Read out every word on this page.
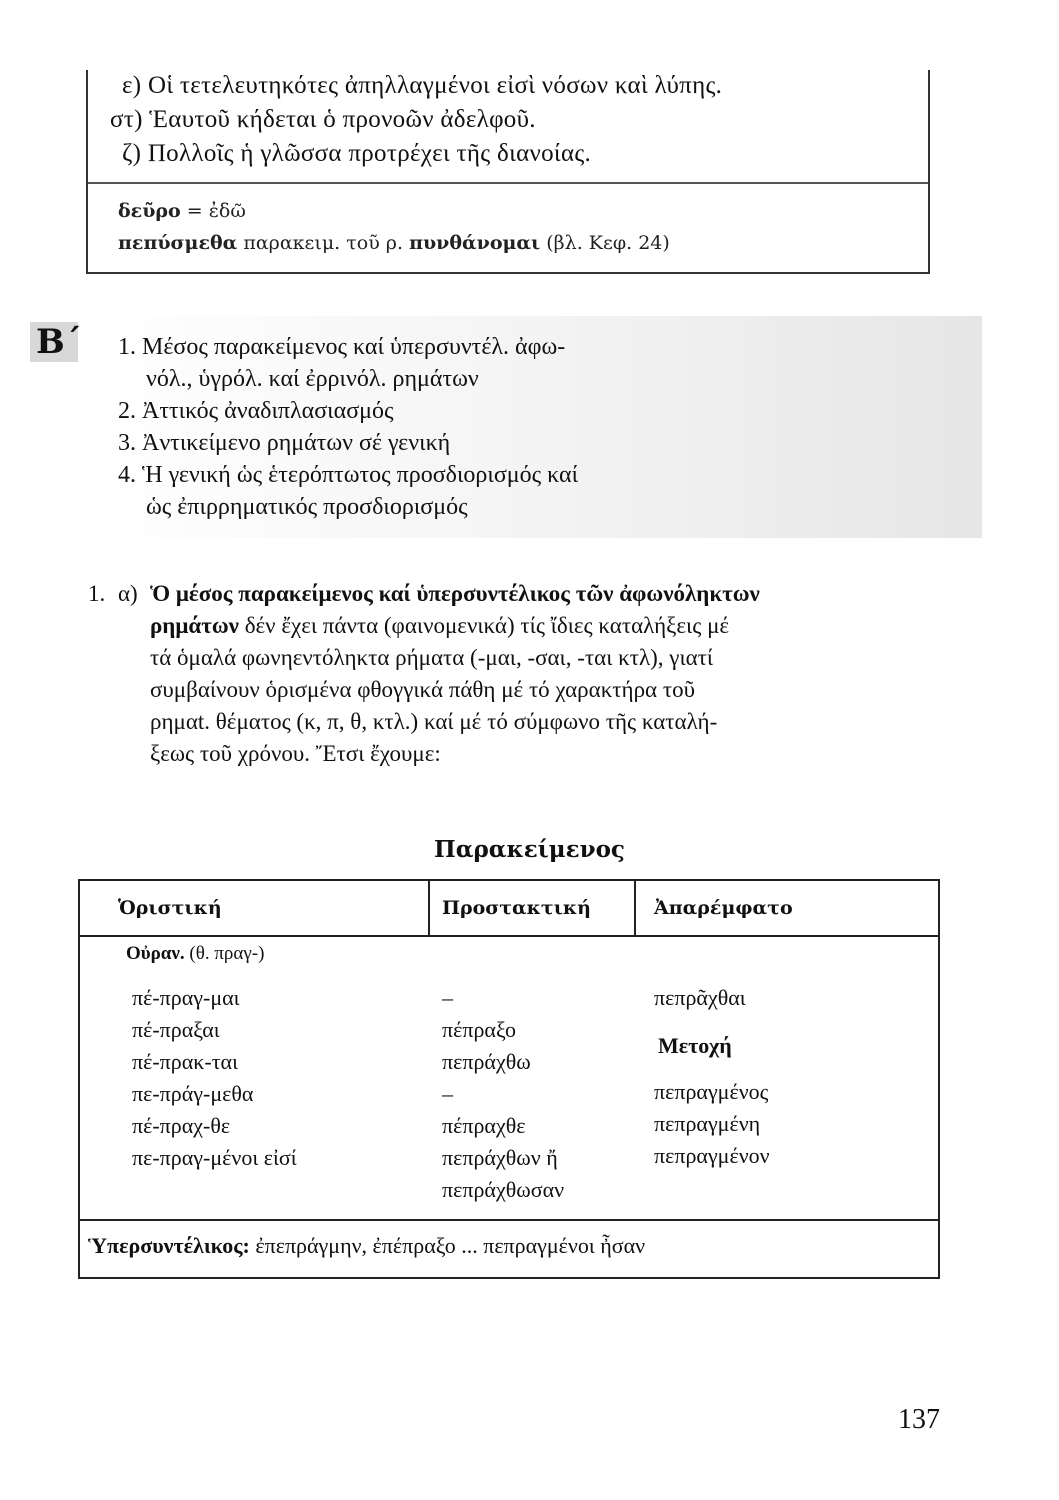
ε) Οἱ τετελευτηκότες ἀπηλλαγμένοι εἰσὶ νόσων καὶ λύπης.
στ) Ἑαυτοῦ κήδεται ὁ προνοῶν ἀδελφοῦ.
ζ) Πολλοῖς ἡ γλῶσσα προτρέχει τῆς διανοίας.
δεῦρο = ἐδῶ
πεπύσμεθα παρακειμ. τοῦ ρ. πυνθάνομαι (βλ. Κεφ. 24)
Β΄ 1. Μέσος παρακείμενος καί ὑπερσυντέλ. ἀφω-
νόλ., ὑγρόλ. καί ἐρρινόλ. ρημάτων
2. Ἀττικός ἀναδιπλασιασμός
3. Ἀντικείμενο ρημάτων σέ γενική
4. Ἡ γενική ὡς ἑτερόπτωτος προσδιορισμός καί
ὡς ἐπιρρηματικός προσδιορισμός
1. α) Ὁ μέσος παρακείμενος καί ὑπερσυντέλικος τῶν ἀφωνόληκτων
ρημάτων δέν ἔχει πάντα (φαινομενικά) τίς ἴδιες καταλήξεις μέ
τά ὁμαλά φωνηεντόληκτα ρήματα (-μαι, -σαι, -ται κτλ), γιατί
συμβαίνουν ὁρισμένα φθογγικά πάθη μέ τό χαρακτήρα τοῦ
ρημαt. θέματος (κ, π, θ, κτλ.) καί μέ τό σύμφωνο τῆς καταλή-
ξεως τοῦ χρόνου. Ἔτσι ἔχουμε:
Παρακείμενος
Ὁριστική	Προστακτική	Ἀπαρέμφατο
Οὐραν. (θ. πραγ-)
πέ-πραγ-μαι
πέ-πραξαι
πέ-πρακ-ται
πε-πράγ-μεθα
πέ-πραχ-θε
πε-πραγ-μένοι εἰσί
–
πέπραξο
πεπράχθω
–
πέπραχθε
πεπράχθων ἤ
πεπράχθωσαν
πεπρᾶχθαι
Μετοχή
πεπραγμένος
πεπραγμένη
πεπραγμένον
Ὑπερσυντέλικος: ἐπεπράγμην, ἐπέπραξο ... πεπραγμένοι ἦσαν
137
